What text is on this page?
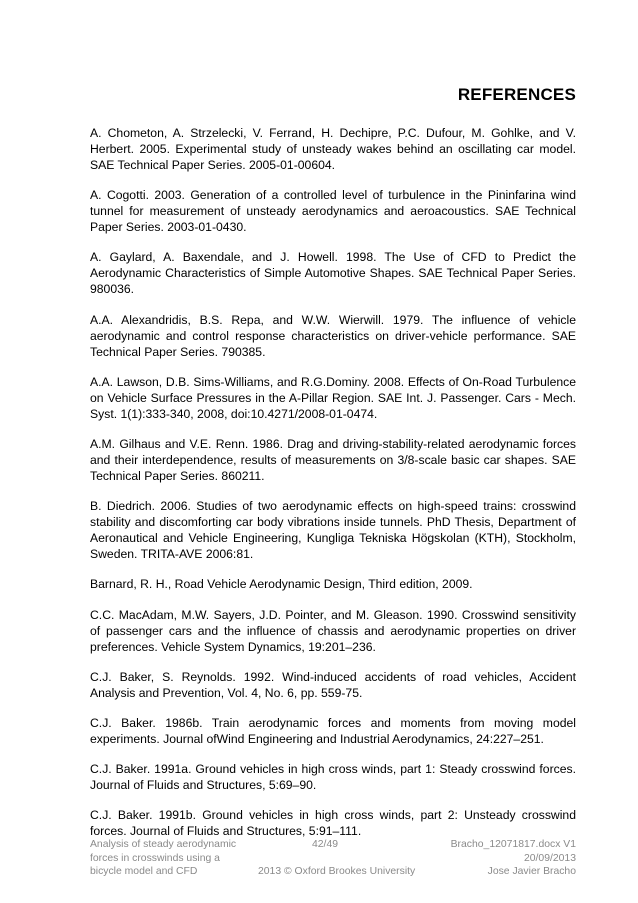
REFERENCES
A. Chometon, A. Strzelecki, V. Ferrand, H. Dechipre, P.C. Dufour, M. Gohlke, and V. Herbert. 2005. Experimental study of unsteady wakes behind an oscillating car model. SAE Technical Paper Series. 2005-01-00604.
A. Cogotti. 2003. Generation of a controlled level of turbulence in the Pininfarina wind tunnel for measurement of unsteady aerodynamics and aeroacoustics. SAE Technical Paper Series. 2003-01-0430.
A. Gaylard, A. Baxendale, and J. Howell. 1998. The Use of CFD to Predict the Aerodynamic Characteristics of Simple Automotive Shapes. SAE Technical Paper Series. 980036.
A.A. Alexandridis, B.S. Repa, and W.W. Wierwill. 1979. The influence of vehicle aerodynamic and control response characteristics on driver-vehicle performance. SAE Technical Paper Series. 790385.
A.A. Lawson, D.B. Sims-Williams, and R.G.Dominy. 2008. Effects of On-Road Turbulence on Vehicle Surface Pressures in the A-Pillar Region. SAE Int. J. Passenger. Cars - Mech. Syst. 1(1):333-340, 2008, doi:10.4271/2008-01-0474.
A.M. Gilhaus and V.E. Renn. 1986. Drag and driving-stability-related aerodynamic forces and their interdependence, results of measurements on 3/8-scale basic car shapes. SAE Technical Paper Series. 860211.
B. Diedrich. 2006. Studies of two aerodynamic effects on high-speed trains: crosswind stability and discomforting car body vibrations inside tunnels. PhD Thesis, Department of Aeronautical and Vehicle Engineering, Kungliga Tekniska Högskolan (KTH), Stockholm, Sweden. TRITA-AVE 2006:81.
Barnard, R. H., Road Vehicle Aerodynamic Design, Third edition, 2009.
C.C. MacAdam, M.W. Sayers, J.D. Pointer, and M. Gleason. 1990. Crosswind sensitivity of passenger cars and the influence of chassis and aerodynamic properties on driver preferences. Vehicle System Dynamics, 19:201–236.
C.J. Baker, S. Reynolds. 1992. Wind-induced accidents of road vehicles, Accident Analysis and Prevention, Vol. 4, No. 6, pp. 559-75.
C.J. Baker. 1986b. Train aerodynamic forces and moments from moving model experiments. Journal ofWind Engineering and Industrial Aerodynamics, 24:227–251.
C.J. Baker. 1991a. Ground vehicles in high cross winds, part 1: Steady crosswind forces. Journal of Fluids and Structures, 5:69–90.
C.J. Baker. 1991b. Ground vehicles in high cross winds, part 2: Unsteady crosswind forces. Journal of Fluids and Structures, 5:91–111.
Analysis of steady aerodynamic
forces in crosswinds using a
bicycle model and CFD
42/49
2013 © Oxford Brookes University
Bracho_12071817.docx V1
20/09/2013
Jose Javier Bracho
